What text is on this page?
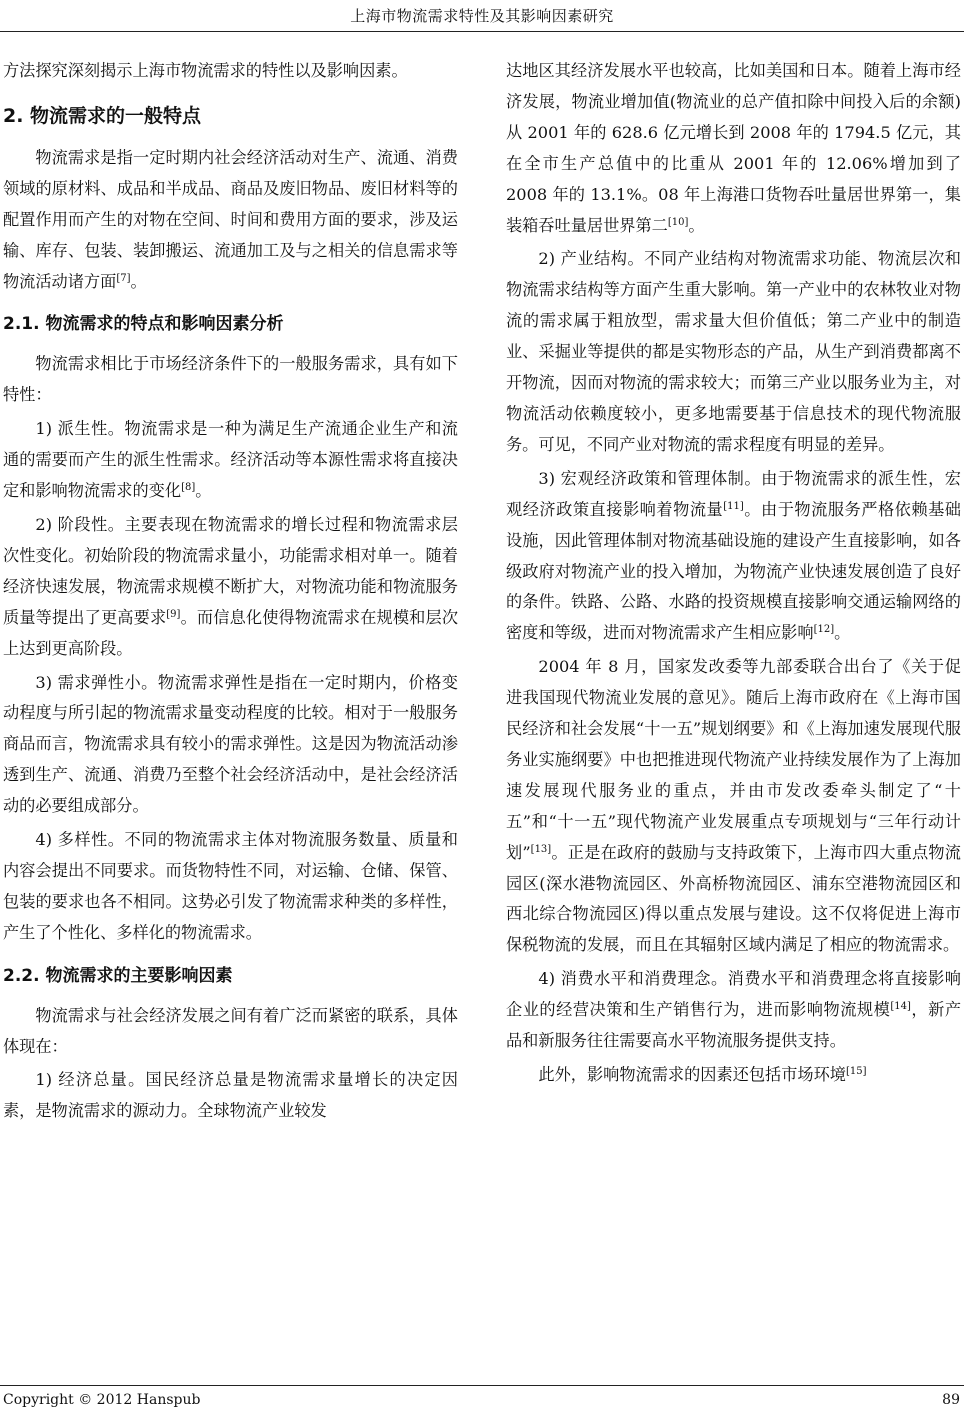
上海市物流需求特性及其影响因素研究

方法探究深刻揭示上海市物流需求的特性以及影响因素。

2. 物流需求的一般特点

物流需求是指一定时期内社会经济活动对生产、流通、消费领域的原材料、成品和半成品、商品及废旧物品、废旧材料等的配置作用而产生的对物在空间、时间和费用方面的要求，涉及运输、库存、包装、装卸搬运、流通加工及与之相关的信息需求等物流活动诸方面[7]。

2.1. 物流需求的特点和影响因素分析

物流需求相比于市场经济条件下的一般服务需求，具有如下特性：

1) 派生性。物流需求是一种为满足生产流通企业生产和流通的需要而产生的派生性需求。经济活动等本源性需求将直接决定和影响物流需求的变化[8]。

2) 阶段性。主要表现在物流需求的增长过程和物流需求层次性变化。初始阶段的物流需求量小，功能需求相对单一。随着经济快速发展，物流需求规模不断扩大，对物流功能和物流服务质量等提出了更高要求[9]。而信息化使得物流需求在规模和层次上达到更高阶段。

3) 需求弹性小。物流需求弹性是指在一定时期内，价格变动程度与所引起的物流需求量变动程度的比较。相对于一般服务商品而言，物流需求具有较小的需求弹性。这是因为物流活动渗透到生产、流通、消费乃至整个社会经济活动中，是社会经济活动的必要组成部分。

4) 多样性。不同的物流需求主体对物流服务数量、质量和内容会提出不同要求。而货物特性不同，对运输、仓储、保管、包装的要求也各不相同。这势必引发了物流需求种类的多样性，产生了个性化、多样化的物流需求。

2.2. 物流需求的主要影响因素

物流需求与社会经济发展之间有着广泛而紧密的联系，具体体现在：

1) 经济总量。国民经济总量是物流需求量增长的决定因素，是物流需求的源动力。全球物流产业较发

达地区其经济发展水平也较高，比如美国和日本。随着上海市经济发展，物流业增加值(物流业的总产值扣除中间投入后的余额)从 2001 年的 628.6 亿元增长到 2008 年的 1794.5 亿元，其在全市生产总值中的比重从 2001 年的 12.06%增加到了 2008 年的 13.1%。08 年上海港口货物吞吐量居世界第一，集装箱吞吐量居世界第二[10]。

2) 产业结构。不同产业结构对物流需求功能、物流层次和物流需求结构等方面产生重大影响。第一产业中的农林牧业对物流的需求属于粗放型，需求量大但价值低；第二产业中的制造业、采掘业等提供的都是实物形态的产品，从生产到消费都离不开物流，因而对物流的需求较大；而第三产业以服务业为主，对物流活动依赖度较小，更多地需要基于信息技术的现代物流服务。可见，不同产业对物流的需求程度有明显的差异。

3) 宏观经济政策和管理体制。由于物流需求的派生性，宏观经济政策直接影响着物流量[11]。由于物流服务严格依赖基础设施，因此管理体制对物流基础设施的建设产生直接影响，如各级政府对物流产业的投入增加，为物流产业快速发展创造了良好的条件。铁路、公路、水路的投资规模直接影响交通运输网络的密度和等级，进而对物流需求产生相应影响[12]。

2004 年 8 月，国家发改委等九部委联合出台了《关于促进我国现代物流业发展的意见》。随后上海市政府在《上海市国民经济和社会发展“十一五”规划纲要》和《上海加速发展现代服务业实施纲要》中也把推进现代物流产业持续发展作为了上海加速发展现代服务业的重点，并由市发改委牵头制定了“十五”和“十一五”现代物流产业发展重点专项规划与“三年行动计划”[13]。正是在政府的鼓励与支持政策下，上海市四大重点物流园区(深水港物流园区、外高桥物流园区、浦东空港物流园区和西北综合物流园区)得以重点发展与建设。这不仅将促进上海市保税物流的发展，而且在其辐射区域内满足了相应的物流需求。

4) 消费水平和消费理念。消费水平和消费理念将直接影响企业的经营决策和生产销售行为，进而影响物流规模[14]，新产品和新服务往往需要高水平物流服务提供支持。

此外，影响物流需求的因素还包括市场环境[15]

Copyright © 2012 Hanspub	89
